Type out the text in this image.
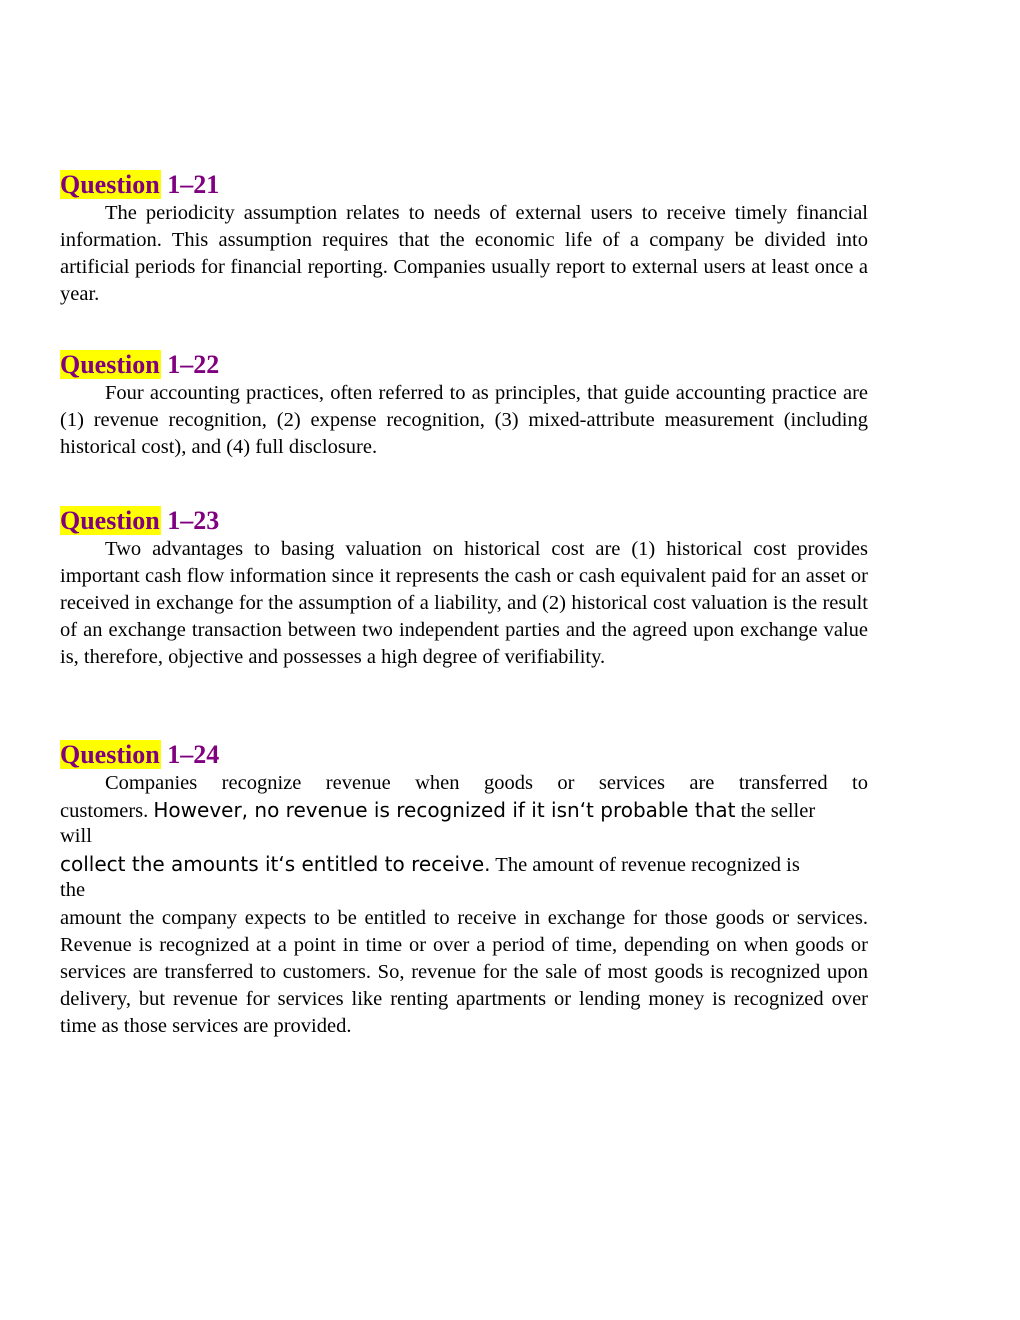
Question 1–21

The periodicity assumption relates to needs of external users to receive timely financial information. This assumption requires that the economic life of a company be divided into artificial periods for financial reporting. Companies usually report to external users at least once a year.

Question 1–22

Four accounting practices, often referred to as principles, that guide accounting practice are (1) revenue recognition, (2) expense recognition, (3) mixed-attribute measurement (including historical cost), and (4) full disclosure.

Question 1–23

Two advantages to basing valuation on historical cost are (1) historical cost provides important cash flow information since it represents the cash or cash equivalent paid for an asset or received in exchange for the assumption of a liability, and (2) historical cost valuation is the result of an exchange transaction between two independent parties and the agreed upon exchange value is, therefore, objective and possesses a high degree of verifiability.

Question 1–24
Companies recognize revenue when goods or services are transferred to
customers. However, no revenue is recognized if it isn‘t probable that the seller
will
collect the amounts it‘s entitled to receive. The amount of revenue recognized is
the
amount the company expects to be entitled to receive in exchange for those goods or services. Revenue is recognized at a point in time or over a period of time, depending on when goods or services are transferred to customers. So, revenue for the sale of most goods is recognized upon delivery, but revenue for services like renting apartments or lending money is recognized over time as those services are provided.
